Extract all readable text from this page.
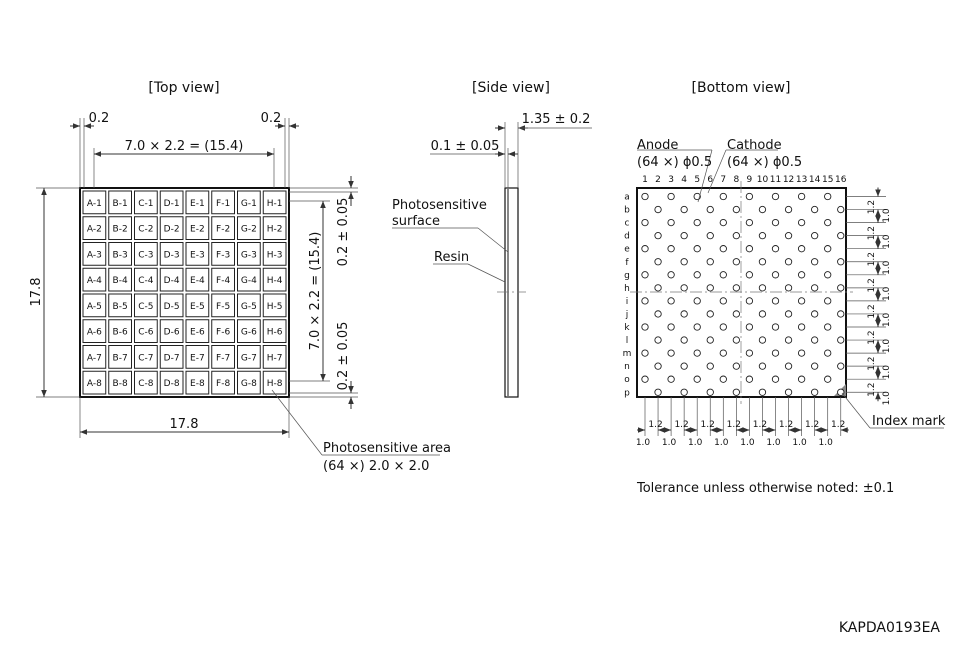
[Top view]	[Side view]	[Bottom view]
A-1 B-1 C-1 D-1 E-1 F-1 G-1 H-1
A-2 B-2 C-2 D-2 E-2 F-2 G-2 H-2
A-3 B-3 C-3 D-3 E-3 F-3 G-3 H-3
A-4 B-4 C-4 D-4 E-4 F-4 G-4 H-4
A-5 B-5 C-5 D-5 E-5 F-5 G-5 H-5
A-6 B-6 C-6 D-6 E-6 F-6 G-6 H-6
A-7 B-7 C-7 D-7 E-7 F-7 G-7 H-7
A-8 B-8 C-8 D-8 E-8 F-8 G-8 H-8
0.2	0.2
7.0 × 2.2 = (15.4)
17.8
17.8
7.0 × 2.2 = (15.4) 0.2 ± 0.05
0.2 ± 0.05
Photosensitive area
(64 ×) 2.0 × 2.0
1.35 ± 0.2
0.1 ± 0.05
Photosensitive
surface
Resin
1 2 3 4 5 6 7 8 9 10 11 12 13 14 15 16
a
b
c
d
e
f
g
h
i
j
k
l
m
n
o
p
Anode
(64 ×) ϕ0.5
Cathode
(64 ×) ϕ0.5
1.2
1.0
1.2
1.0
1.2
1.0
1.2
1.0
1.2
1.0
1.2
1.0
1.2
1.0
1.2
1.0
1.2
1.0
1.2
1.0
1.2
1.0
1.2
1.0
1.2
1.0
1.2
1.0
1.2
1.0
1.2
1.0
Index mark
Tolerance unless otherwise noted: ±0.1
KAPDA0193EA
